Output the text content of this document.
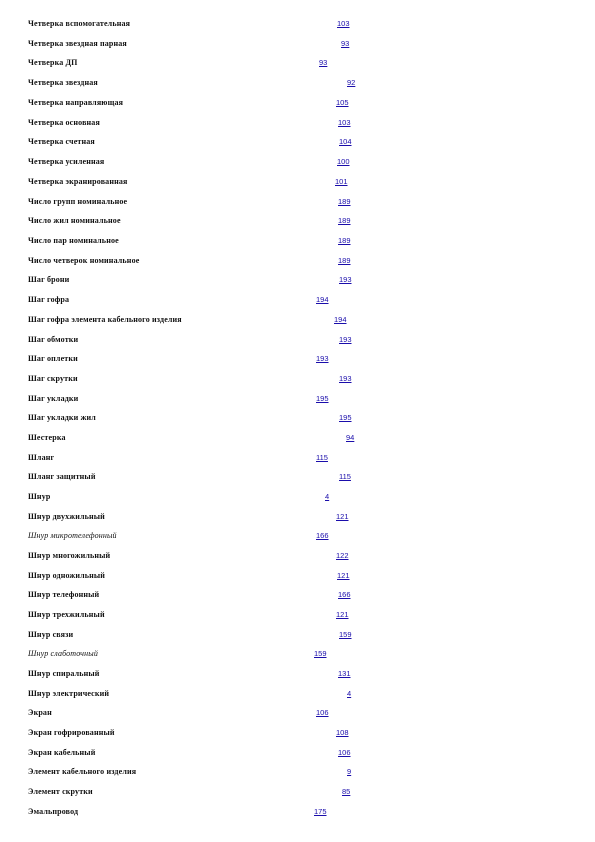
Четверка вспомогательная	103
Четверка звездная парная	93
Четверка ДП	93
Четверка звездная	92
Четверка направляющая	105
Четверка основная	103
Четверка счетная	104
Четверка усиленная	100
Четверка экранированная	101
Число групп номинальное	189
Число жил номинальное	189
Число пар номинальное	189
Число четверок номинальное	189
Шаг брони	193
Шаг гофра	194
Шаг гофра элемента кабельного изделия	194
Шаг обмотки	193
Шаг оплетки	193
Шаг скрутки	193
Шаг укладки	195
Шаг укладки жил	195
Шестерка	94
Шланг	115
Шланг защитный	115
Шнур	4
Шнур двухжильный	121
Шнур микротелефонный	166
Шнур многожильный	122
Шнур одножильный	121
Шнур телефонный	166
Шнур трехжильный	121
Шнур связи	159
Шнур слаботочный	159
Шнур спиральный	131
Шнур электрический	4
Экран	106
Экран гофрированный	108
Экран кабельный	106
Элемент кабельного изделия	9
Элемент скрутки	85
Эмальпровод	175
